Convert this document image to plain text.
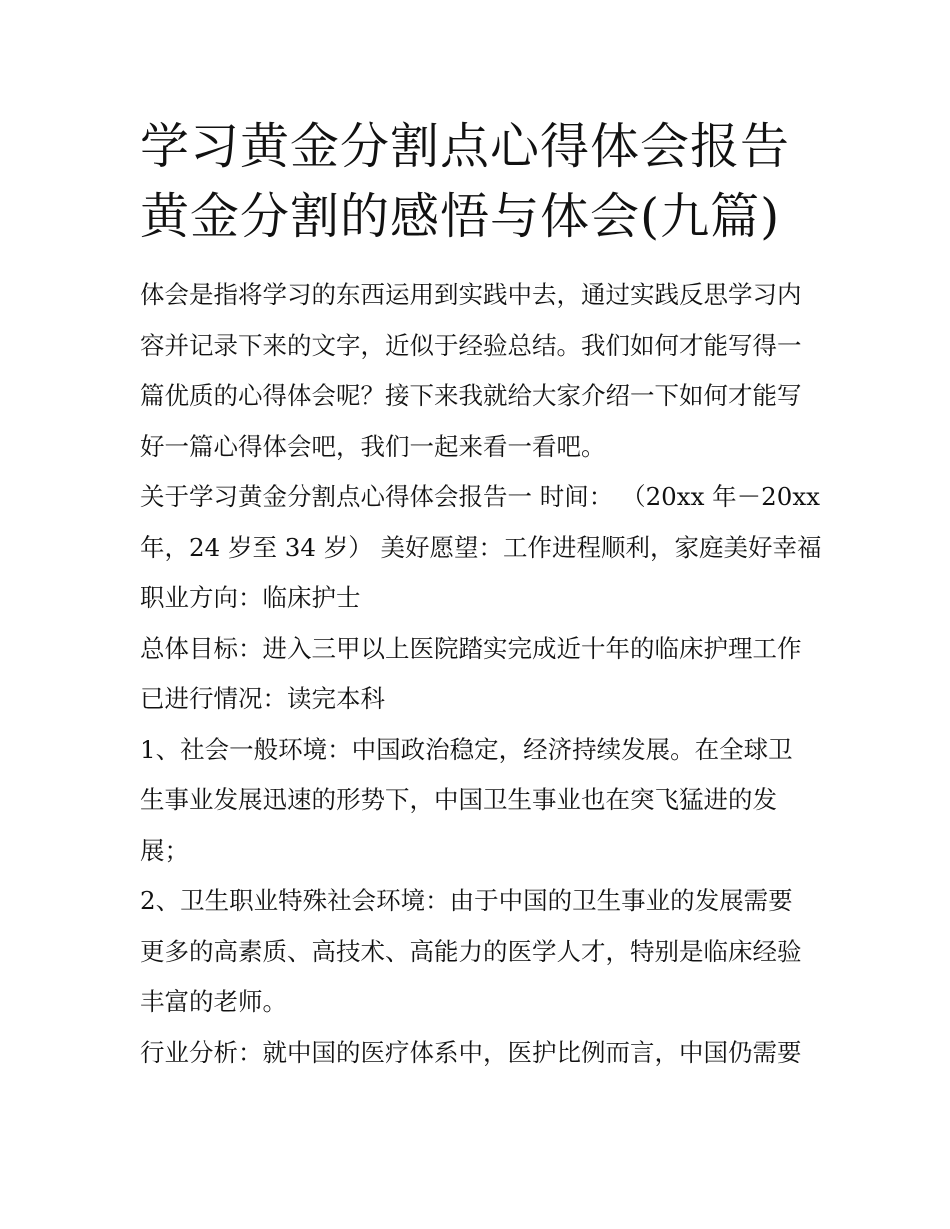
学习黄金分割点心得体会报告
黄金分割的感悟与体会(九篇)

体会是指将学习的东西运用到实践中去，通过实践反思学习内
容并记录下来的文字，近似于经验总结。我们如何才能写得一
篇优质的心得体会呢？接下来我就给大家介绍一下如何才能写
好一篇心得体会吧，我们一起来看一看吧。

关于学习黄金分割点心得体会报告一 时间： （20xx 年－20xx
年，24 岁至 34 岁） 美好愿望：工作进程顺利，家庭美好幸福
职业方向：临床护士

总体目标：进入三甲以上医院踏实完成近十年的临床护理工作

已进行情况：读完本科

1、社会一般环境：中国政治稳定，经济持续发展。在全球卫
生事业发展迅速的形势下，中国卫生事业也在突飞猛进的发
展；

2、卫生职业特殊社会环境：由于中国的卫生事业的发展需要
更多的高素质、高技术、高能力的医学人才，特别是临床经验
丰富的老师。

行业分析：就中国的医疗体系中，医护比例而言，中国仍需要
